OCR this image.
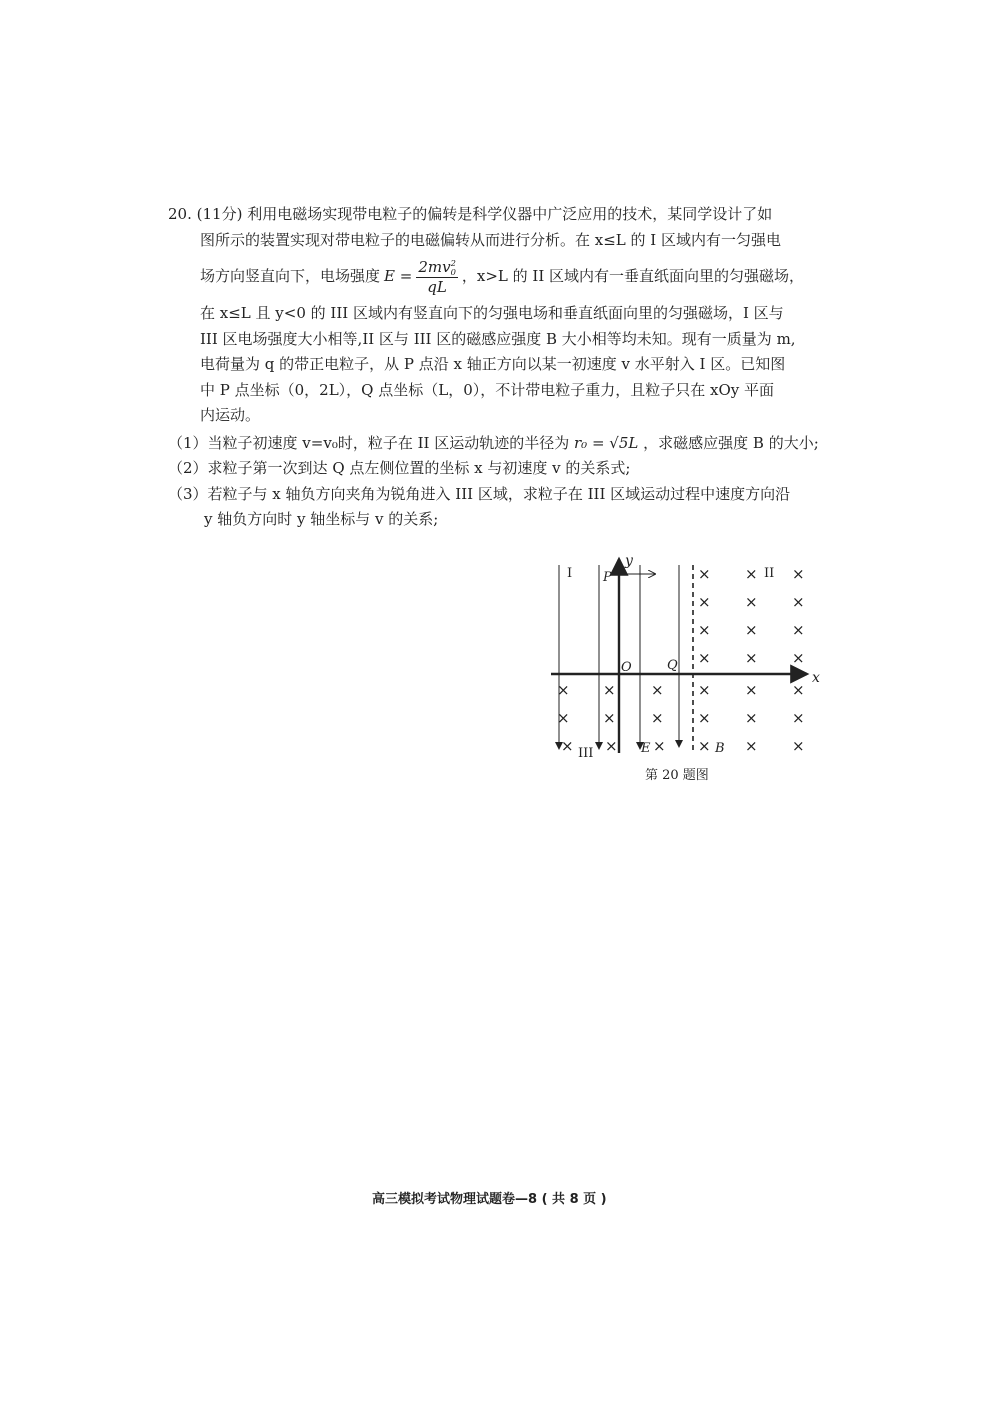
20. (11分) 利用电磁场实现带电粒子的偏转是科学仪器中广泛应用的技术，某同学设计了如
图所示的装置实现对带电粒子的电磁偏转从而进行分析。在 x≤L 的 I 区域内有一匀强电
场方向竖直向下，电场强度 E = 2mv 2
0
qL ，x>L 的 II 区域内有一垂直纸面向里的匀强磁场，
在 x≤L 且 y<0 的 III 区域内有竖直向下的匀强电场和垂直纸面向里的匀强磁场，I 区与
III 区电场强度大小相等,II 区与 III 区的磁感应强度 B 大小相等均未知。现有一质量为 m,
电荷量为 q 的带正电粒子，从 P 点沿 x 轴正方向以某一初速度 v 水平射入 I 区。已知图
中 P 点坐标（0，2L），Q 点坐标（L，0），不计带电粒子重力，且粒子只在 xOy 平面
内运动。
（1）当粒子初速度 v=v₀时，粒子在 II 区运动轨迹的半径为 r₀ = √5L ，求磁感应强度 B 的大小;
（2）求粒子第一次到达 Q 点左侧位置的坐标 x 与初速度 v 的关系式;
（3）若粒子与 x 轴负方向夹角为锐角进入 III 区域，求粒子在 III 区域运动过程中速度方向沿
y 轴负方向时 y 轴坐标与 v 的关系;
× × ×
× × ×
× × ×
× × ×
× × × × × ×
× × × × × ×
× × × × × ×
I	II
III
P
O	Q
x
y
E	B
第 20 题图
高三模拟考试物理试题卷—8 ( 共 8 页 )
